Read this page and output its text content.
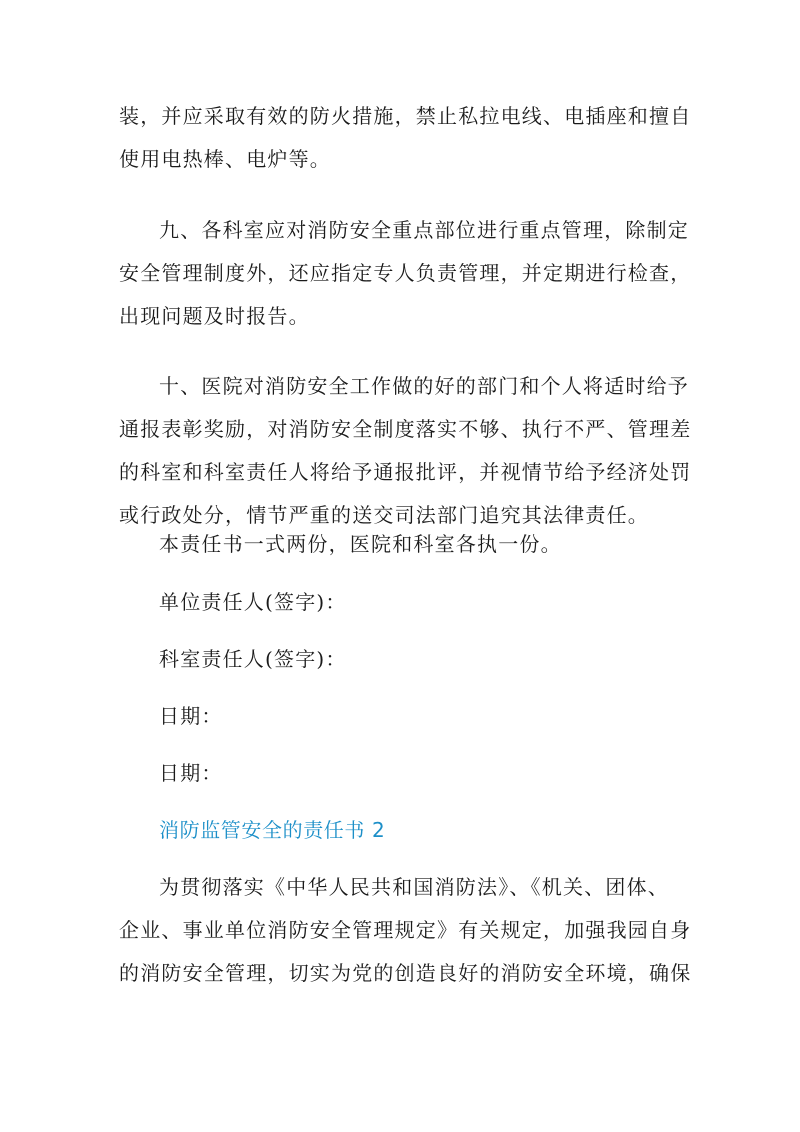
装，并应采取有效的防火措施，禁止私拉电线、电插座和擅自
使用电热棒、电炉等。
九、各科室应对消防安全重点部位进行重点管理，除制定
安全管理制度外，还应指定专人负责管理，并定期进行检查，
出现问题及时报告。
十、医院对消防安全工作做的好的部门和个人将适时给予
通报表彰奖励，对消防安全制度落实不够、执行不严、管理差
的科室和科室责任人将给予通报批评，并视情节给予经济处罚
或行政处分，情节严重的送交司法部门追究其法律责任。
本责任书一式两份，医院和科室各执一份。
单位责任人(签字)：
科室责任人(签字)：
日期：
日期：
消防监管安全的责任书 2
为贯彻落实《中华人民共和国消防法》、《机关、团体、
企业、事业单位消防安全管理规定》有关规定，加强我园自身
的消防安全管理，切实为党的创造良好的消防安全环境，确保
